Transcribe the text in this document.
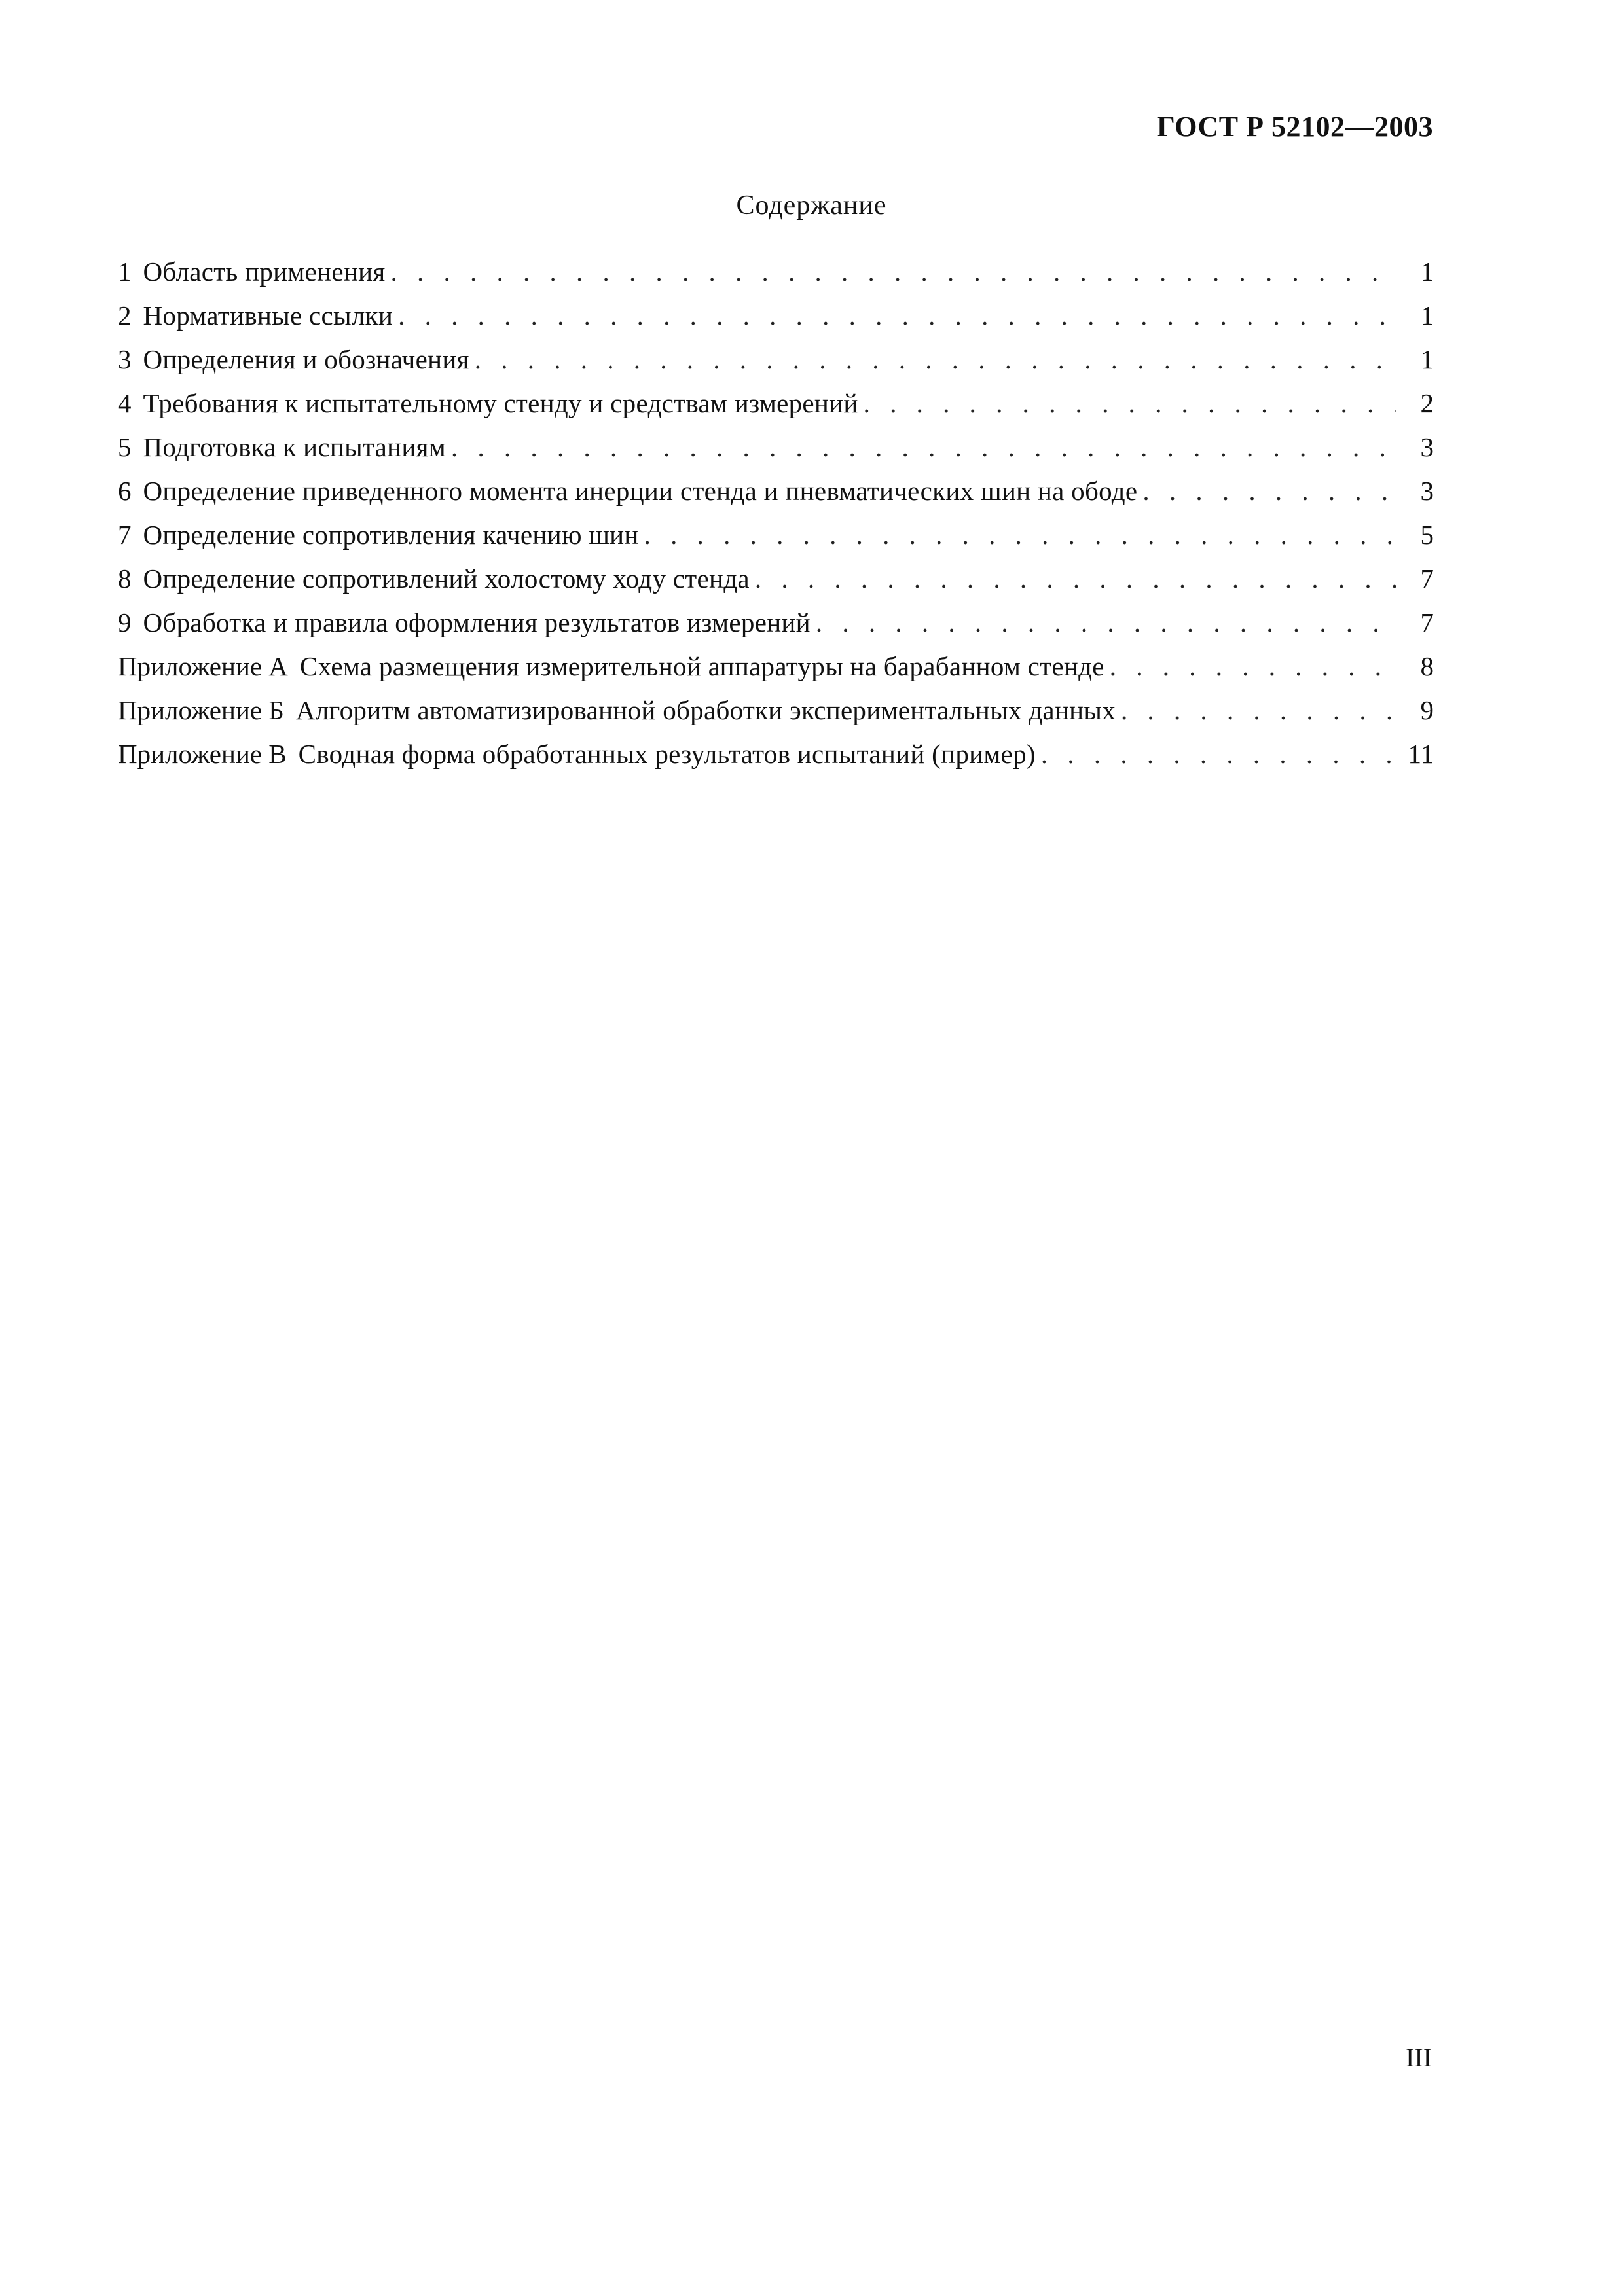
ГОСТ Р 52102—2003
Содержание
1 Область применения . . .	1
2 Нормативные ссылки . . .	1
3 Определения и обозначения . . .	1
4 Требования к испытательному стенду и средствам измерений . . .	2
5 Подготовка к испытаниям . . .	3
6 Определение приведенного момента инерции стенда и пневматических шин на ободе . . .	3
7 Определение сопротивления качению шин . . .	5
8 Определение сопротивлений холостому ходу стенда . . .	7
9 Обработка и правила оформления результатов измерений . . .	7
Приложение А Схема размещения измерительной аппаратуры на барабанном стенде . . .	8
Приложение Б Алгоритм автоматизированной обработки экспериментальных данных . . .	9
Приложение В Сводная форма обработанных результатов испытаний (пример) . . .	11
III
